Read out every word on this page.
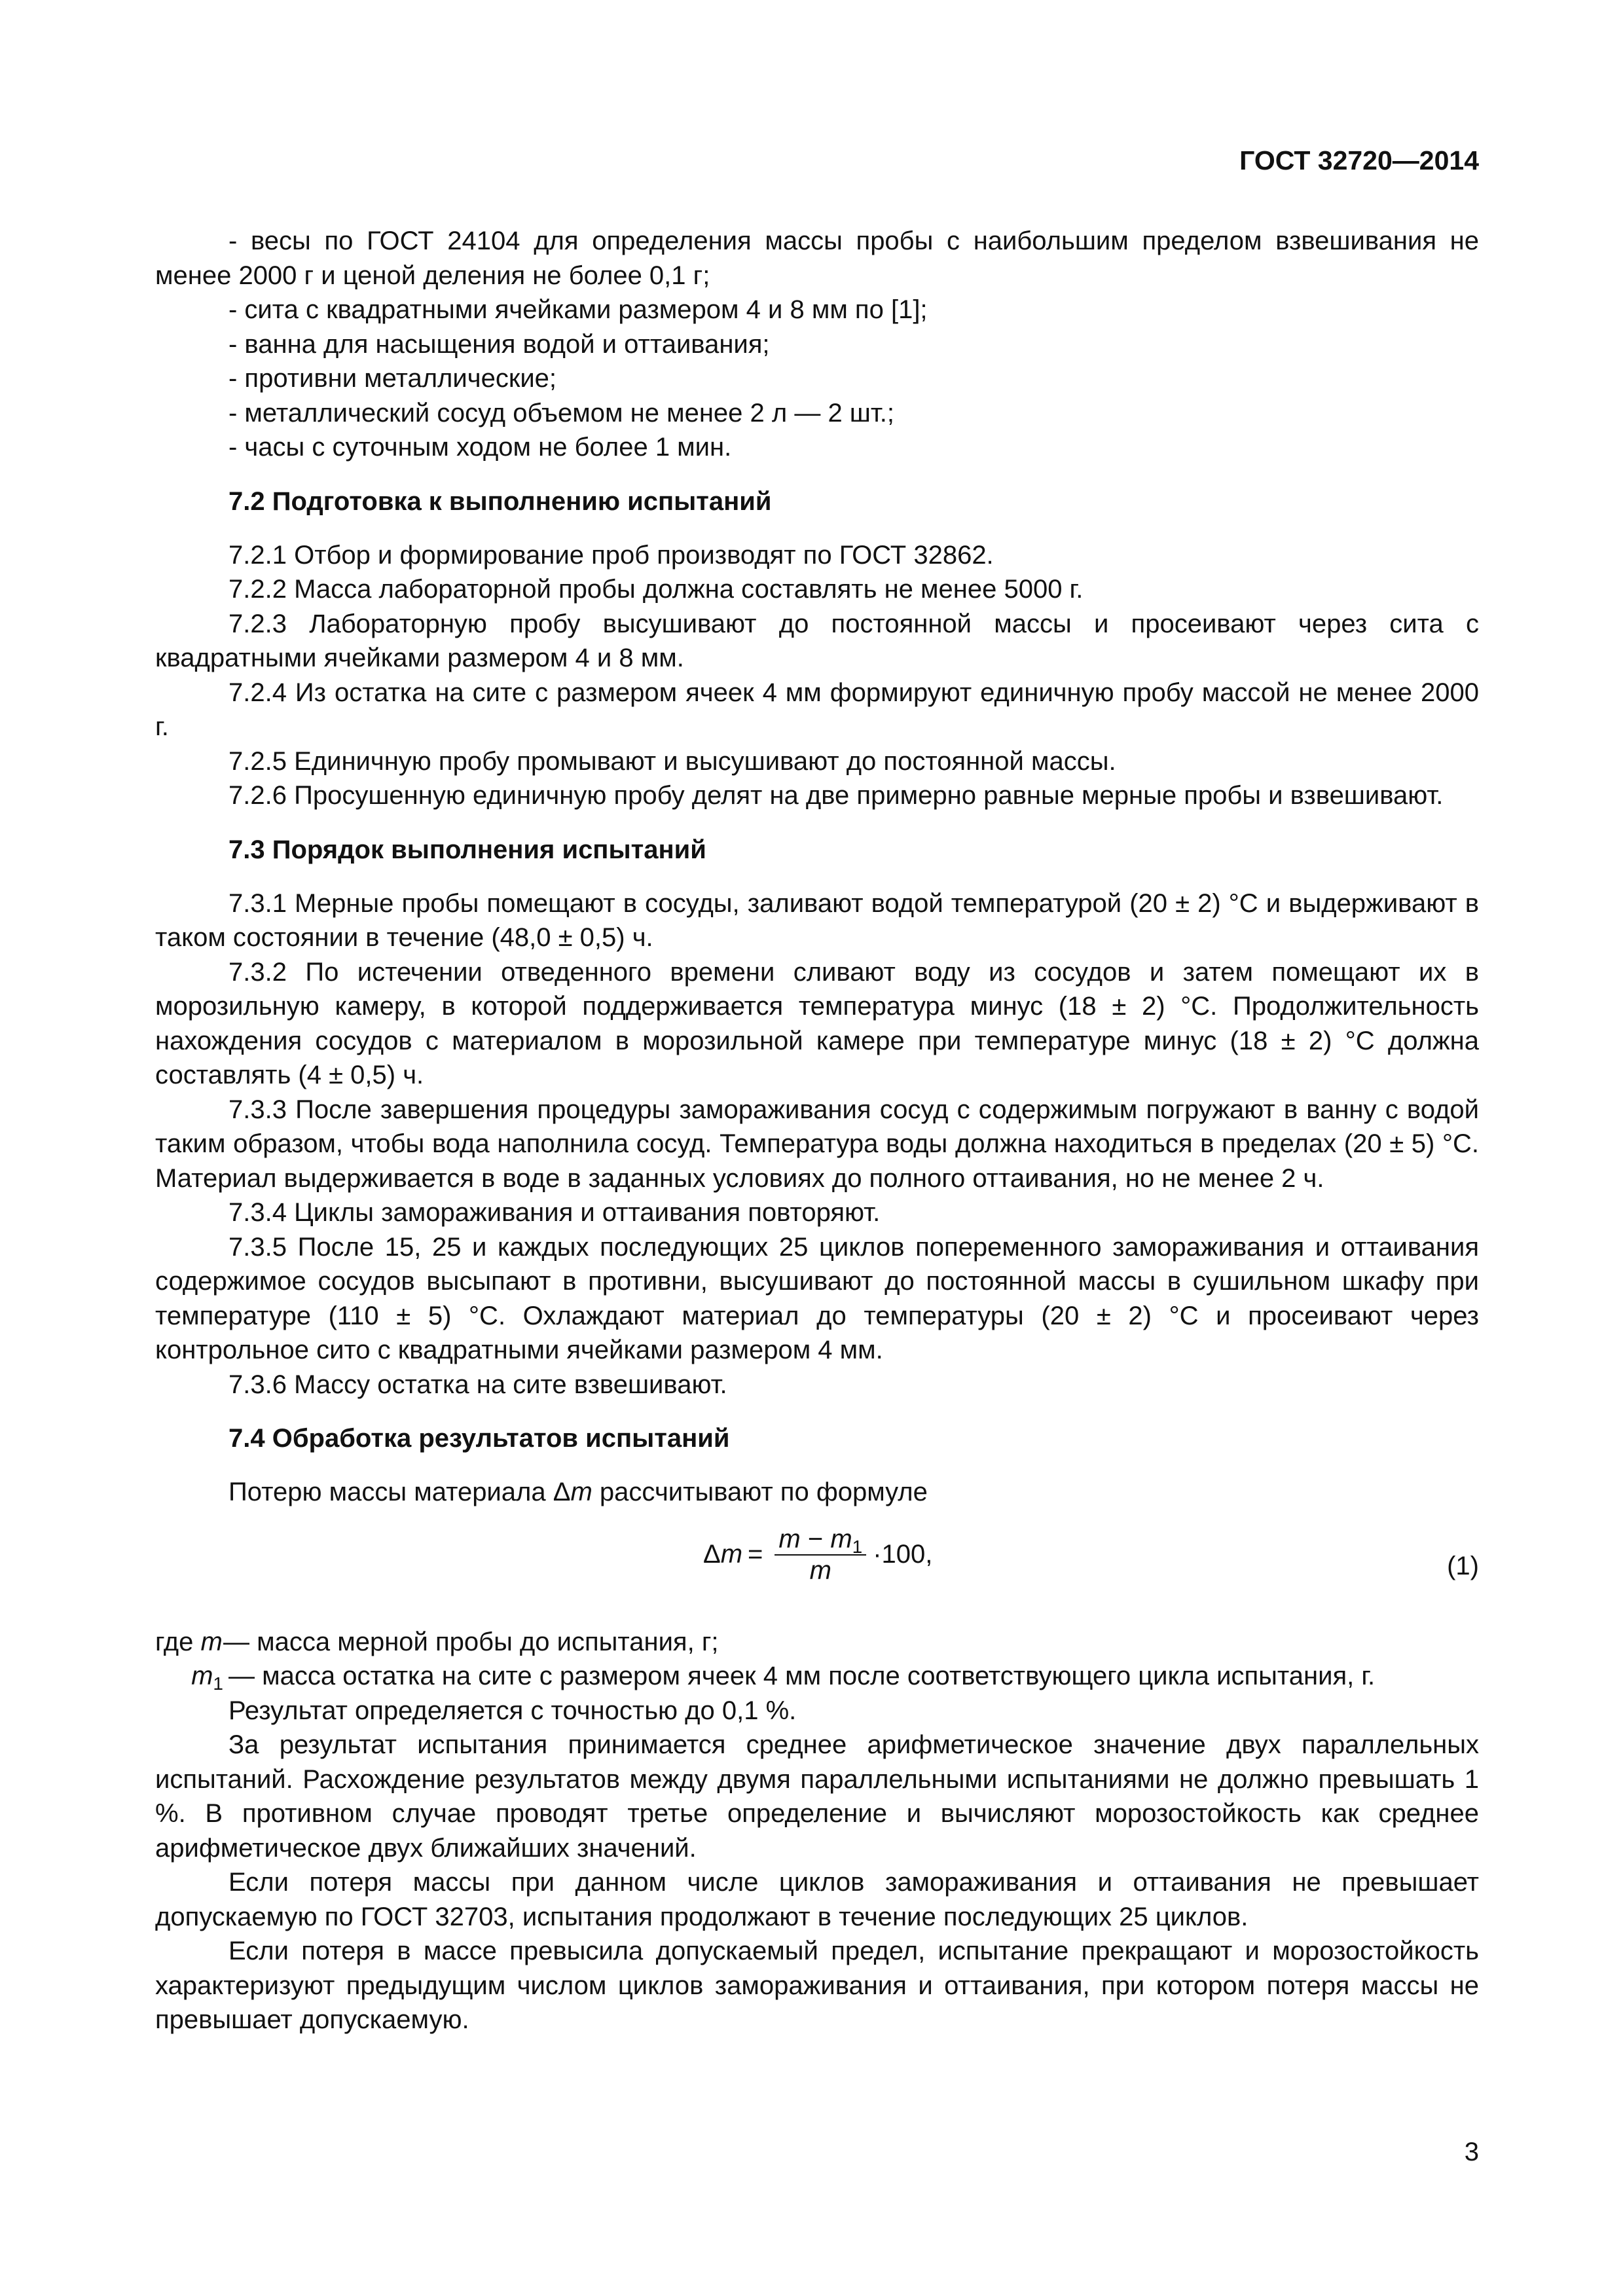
ГОСТ 32720—2014

- весы по ГОСТ 24104 для определения массы пробы с наибольшим пределом взвешивания не менее 2000 г и ценой деления не более 0,1 г;

- сита с квадратными ячейками размером 4 и 8 мм по [1];

- ванна для насыщения водой и оттаивания;

- противни металлические;

- металлический сосуд объемом не менее 2 л — 2 шт.;

- часы с суточным ходом не более 1 мин.

7.2 Подготовка к выполнению испытаний

7.2.1 Отбор и формирование проб производят по ГОСТ 32862.

7.2.2 Масса лабораторной пробы должна составлять не менее 5000 г.

7.2.3 Лабораторную пробу высушивают до постоянной массы и просеивают через сита с квадратными ячейками размером 4 и 8 мм.

7.2.4 Из остатка на сите с размером ячеек 4 мм формируют единичную пробу массой не менее 2000 г.

7.2.5 Единичную пробу промывают и высушивают до постоянной массы.

7.2.6 Просушенную единичную пробу делят на две примерно равные мерные пробы и взвешивают.

7.3 Порядок выполнения испытаний

7.3.1 Мерные пробы помещают в сосуды, заливают водой температурой (20 ± 2) °С и выдерживают в таком состоянии в течение (48,0 ± 0,5) ч.

7.3.2 По истечении отведенного времени сливают воду из сосудов и затем помещают их в морозильную камеру, в которой поддерживается температура минус (18 ± 2) °С. Продолжительность нахождения сосудов с материалом в морозильной камере при температуре минус (18 ± 2) °С должна составлять (4 ± 0,5) ч.

7.3.3 После завершения процедуры замораживания сосуд с содержимым погружают в ванну с водой таким образом, чтобы вода наполнила сосуд. Температура воды должна находиться в пределах (20 ± 5) °С. Материал выдерживается в воде в заданных условиях до полного оттаивания, но не менее 2 ч.

7.3.4 Циклы замораживания и оттаивания повторяют.

7.3.5 После 15, 25 и каждых последующих 25 циклов попеременного замораживания и оттаивания содержимое сосудов высыпают в противни, высушивают до постоянной массы в сушильном шкафу при температуре (110 ± 5) °С. Охлаждают материал до температуры (20 ± 2) °С и просеивают через контрольное сито с квадратными ячейками размером 4 мм.

7.3.6 Массу остатка на сите взвешивают.

7.4 Обработка результатов испытаний

Потерю массы материала Δm рассчитывают по формуле

Δ $m = \frac{m - m_1}{m} \cdot 100$,	(1)
где m — масса мерной пробы до испытания, г;
$m_1$ — масса остатка на сите с размером ячеек 4 мм после соответствующего цикла испытания, г.

Результат определяется с точностью до 0,1 %.

За результат испытания принимается среднее арифметическое значение двух параллельных испытаний. Расхождение результатов между двумя параллельными испытаниями не должно превышать 1 %. В противном случае проводят третье определение и вычисляют морозостойкость как среднее арифметическое двух ближайших значений.

Если потеря массы при данном числе циклов замораживания и оттаивания не превышает допускаемую по ГОСТ 32703, испытания продолжают в течение последующих 25 циклов.

Если потеря в массе превысила допускаемый предел, испытание прекращают и морозостойкость характеризуют предыдущим числом циклов замораживания и оттаивания, при котором потеря массы не превышает допускаемую.

3
